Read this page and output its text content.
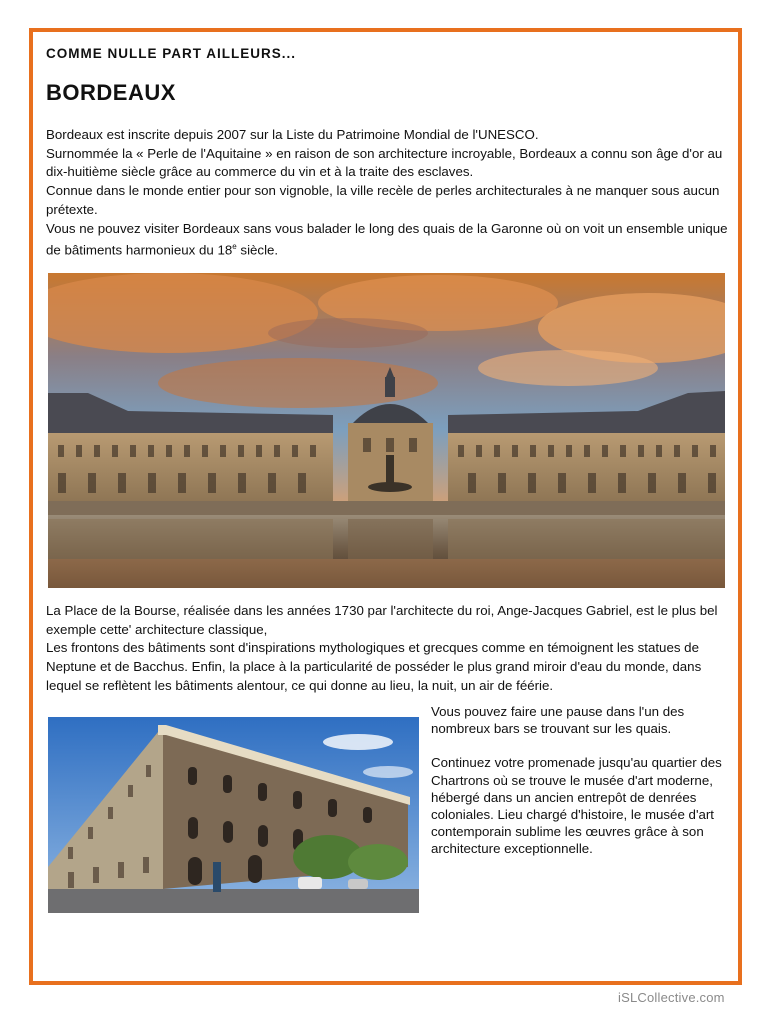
COMME NULLE PART AILLEURS...
BORDEAUX

Bordeaux est inscrite depuis 2007 sur la Liste du Patrimoine Mondial de l'UNESCO.

Surnommée la « Perle de l'Aquitaine » en raison de son architecture incroyable, Bordeaux a connu son âge d'or au dix-huitième siècle grâce au commerce du vin et à la traite des esclaves.

Connue dans le monde entier pour son vignoble, la ville recèle de perles architecturales à ne manquer sous aucun prétexte.

Vous ne pouvez visiter Bordeaux sans vous balader le long des quais de la Garonne où on voit un ensemble unique de bâtiments harmonieux du 18e siècle.

La Place de la Bourse, réalisée dans les années 1730 par l'architecte du roi, Ange-Jacques Gabriel, est le plus bel exemple cette' architecture classique,

Les frontons des bâtiments sont d'inspirations mythologiques et grecques comme en témoignent les statues de Neptune et de Bacchus. Enfin, la place à la particularité de posséder le plus grand miroir d'eau du monde, dans lequel se reflètent les bâtiments alentour, ce qui donne au lieu, la nuit, un air de féérie.

Vous pouvez faire une pause dans l'un des nombreux bars se trouvant sur les quais.

Continuez votre promenade jusqu'au quartier des Chartrons où se trouve le musée d'art moderne, hébergé dans un ancien entrepôt de denrées coloniales. Lieu chargé d'histoire, le musée d'art contemporain sublime les œuvres grâce à son architecture exceptionnelle.

iSLCollective.com
